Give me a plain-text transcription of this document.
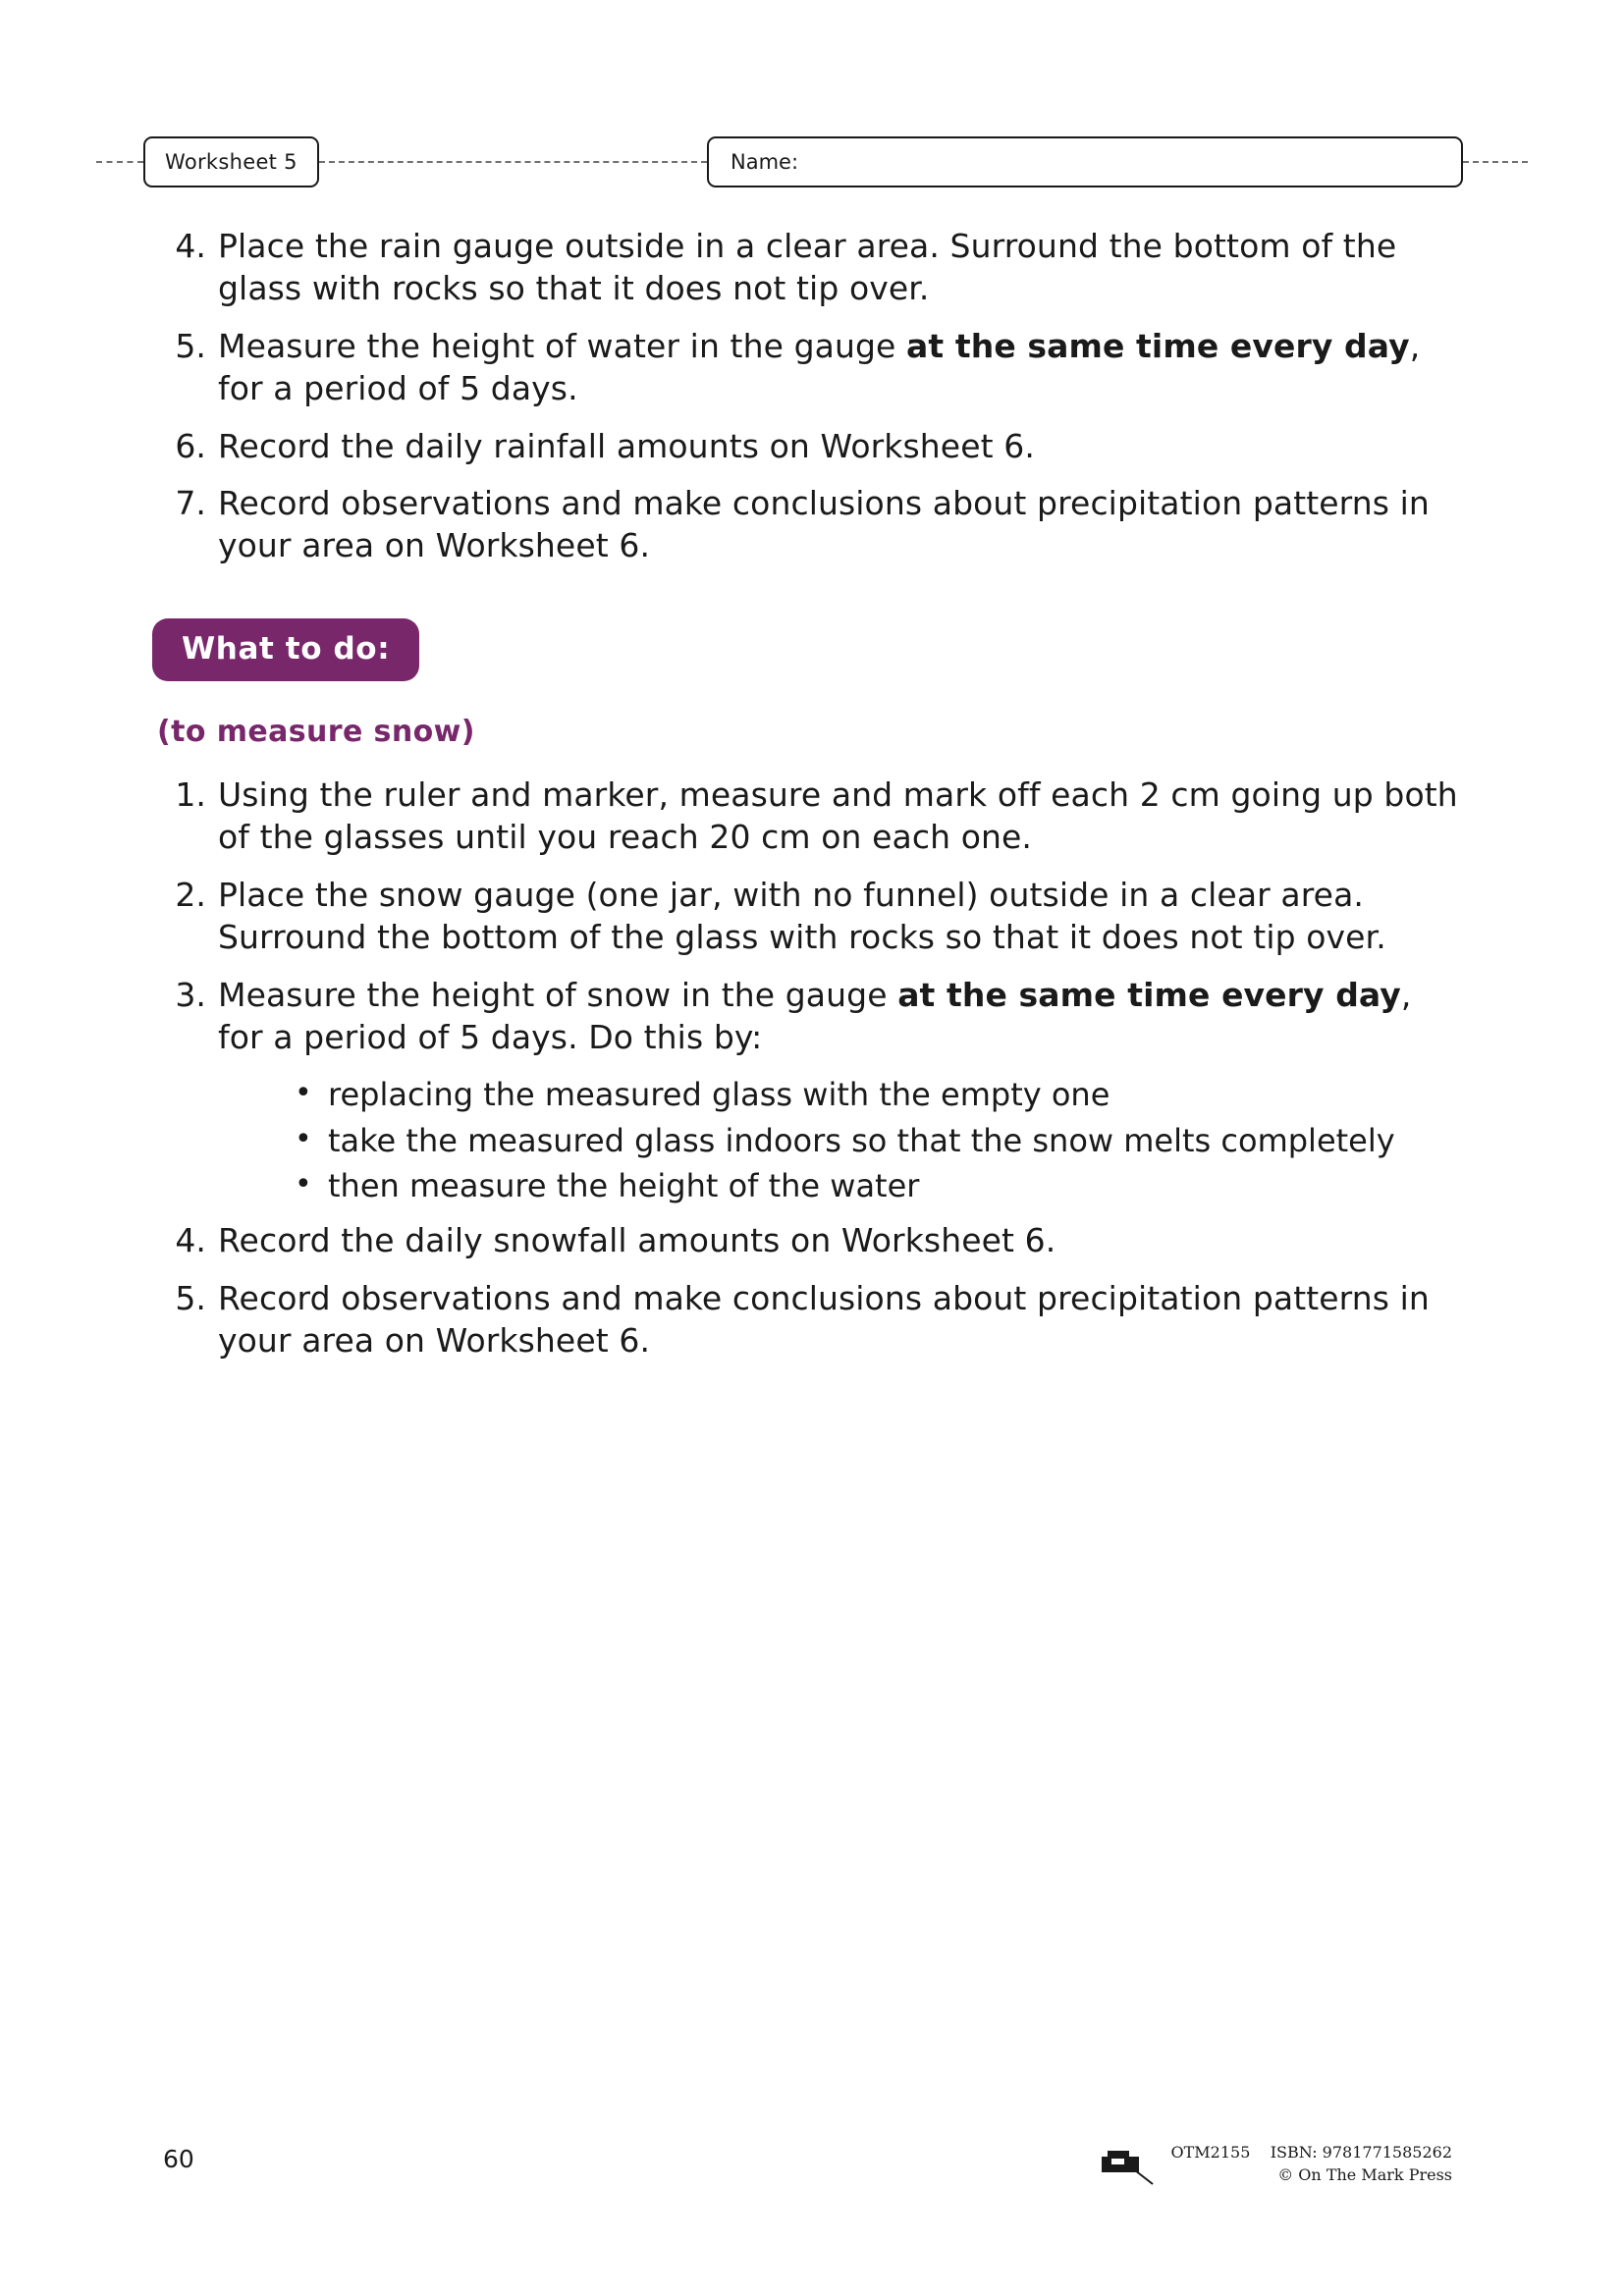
Worksheet 5	Name:
4. Place the rain gauge outside in a clear area. Surround the bottom of the glass with rocks so that it does not tip over.
5. Measure the height of water in the gauge at the same time every day, for a period of 5 days.
6. Record the daily rainfall amounts on Worksheet 6.
7. Record observations and make conclusions about precipitation patterns in your area on Worksheet 6.
What to do:
(to measure snow)
1. Using the ruler and marker, measure and mark off each 2 cm going up both of the glasses until you reach 20 cm on each one.
2. Place the snow gauge (one jar, with no funnel) outside in a clear area. Surround the bottom of the glass with rocks so that it does not tip over.
3. Measure the height of snow in the gauge at the same time every day, for a period of 5 days. Do this by:
• replacing the measured glass with the empty one
• take the measured glass indoors so that the snow melts completely
• then measure the height of the water
4. Record the daily snowfall amounts on Worksheet 6.
5. Record observations and make conclusions about precipitation patterns in your area on Worksheet 6.
60	OTM2155 ISBN: 9781771585262
© On The Mark Press
